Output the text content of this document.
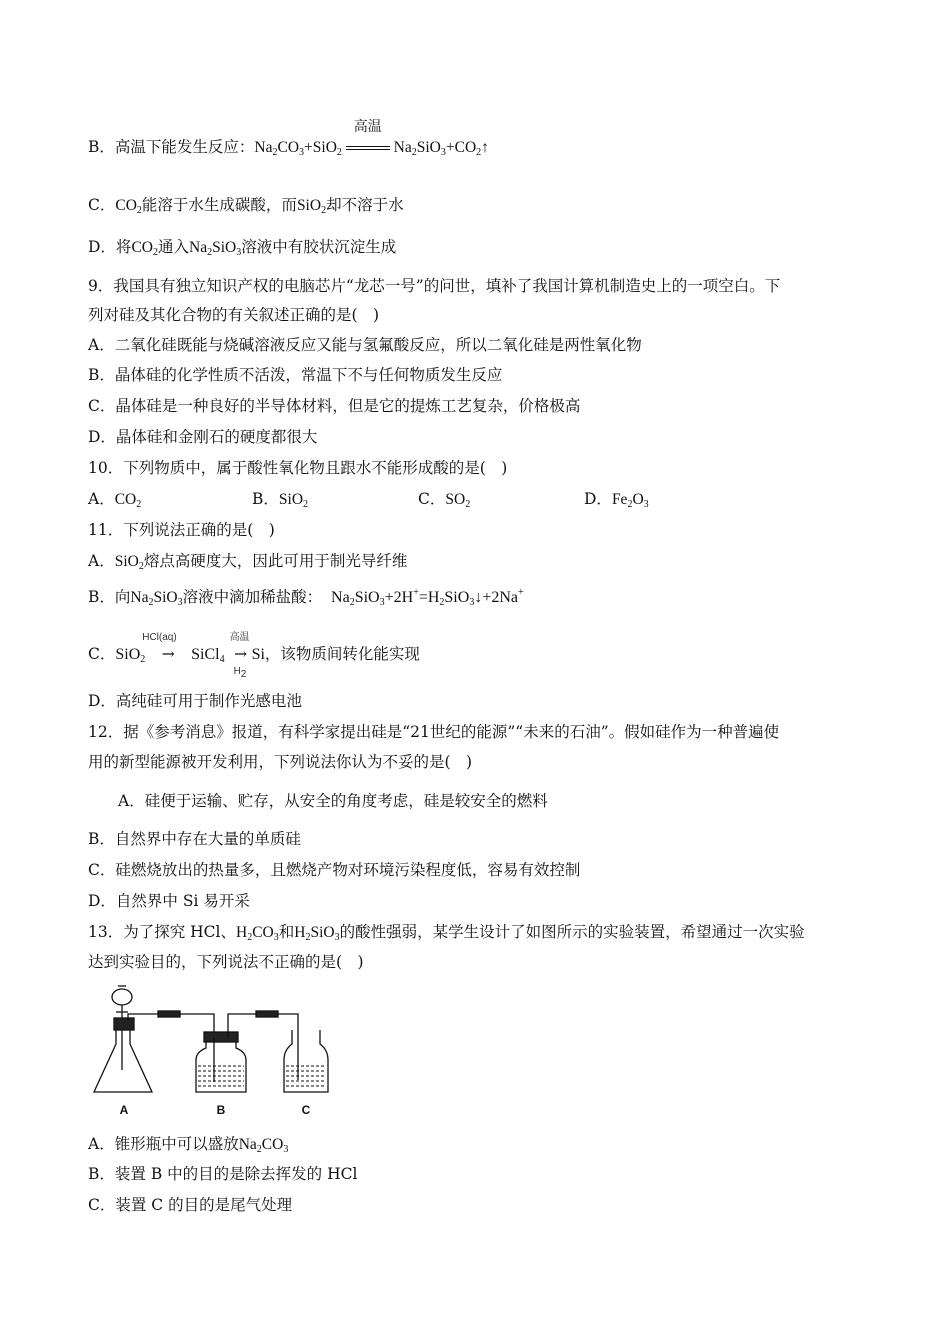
B．高温下能发生反应：$Na_2CO_3+SiO_2$
高温
$Na_2SiO_3+CO_2↑$
C．$CO_2$能溶于水生成碳酸，而SiO$_2$却不溶于水
D．将$CO_2$通入$Na_2SiO_3$溶液中有胶状沉淀生成
9．我国具有独立知识产权的电脑芯片“龙芯一号”的问世，填补了我国计算机制造史上的一项空白。下
列对硅及其化合物的有关叙述正确的是(　)
A．二氧化硅既能与烧碱溶液反应又能与氢氟酸反应，所以二氧化硅是两性氧化物
B．晶体硅的化学性质不活泼，常温下不与任何物质发生反应
C．晶体硅是一种良好的半导体材料，但是它的提炼工艺复杂，价格极高
D．晶体硅和金刚石的硬度都很大
10．下列物质中，属于酸性氧化物且跟水不能形成酸的是(　)
A．$CO_2$	B．SiO$_2$	C．$SO_2$	D．$Fe_2O_3$
11．下列说法正确的是(　)
A．SiO$_2$熔点高硬度大，因此可用于制光导纤维
B．向$Na_2SiO_3$溶液中滴加稀盐酸： $Na_2SiO_3+2H^+=H_2SiO_3↓+2Na^+$
C．SiO$_2$
HCl(aq)
→ SiCl$_4$
高温
→
$H_2$
Si，该物质间转化能实现
D．高纯硅可用于制作光感电池
12．据《参考消息》报道，有科学家提出硅是“21世纪的能源”“未来的石油”。假如硅作为一种普遍使
用的新型能源被开发利用，下列说法你认为不妥的是(　)
A．硅便于运输、贮存，从安全的角度考虑，硅是较安全的燃料
B．自然界中存在大量的单质硅
C．硅燃烧放出的热量多，且燃烧产物对环境污染程度低，容易有效控制
D．自然界中 Si 易开采
13．为了探究 HCl、$H_2CO_3$和$H_2SiO_3$的酸性强弱，某学生设计了如图所示的实验装置，希望通过一次实验
达到实验目的，下列说法不正确的是(　)
A	B	C
A．锥形瓶中可以盛放$Na_2CO_3$
B．装置 B 中的目的是除去挥发的 HCl
C．装置 C 的目的是尾气处理
